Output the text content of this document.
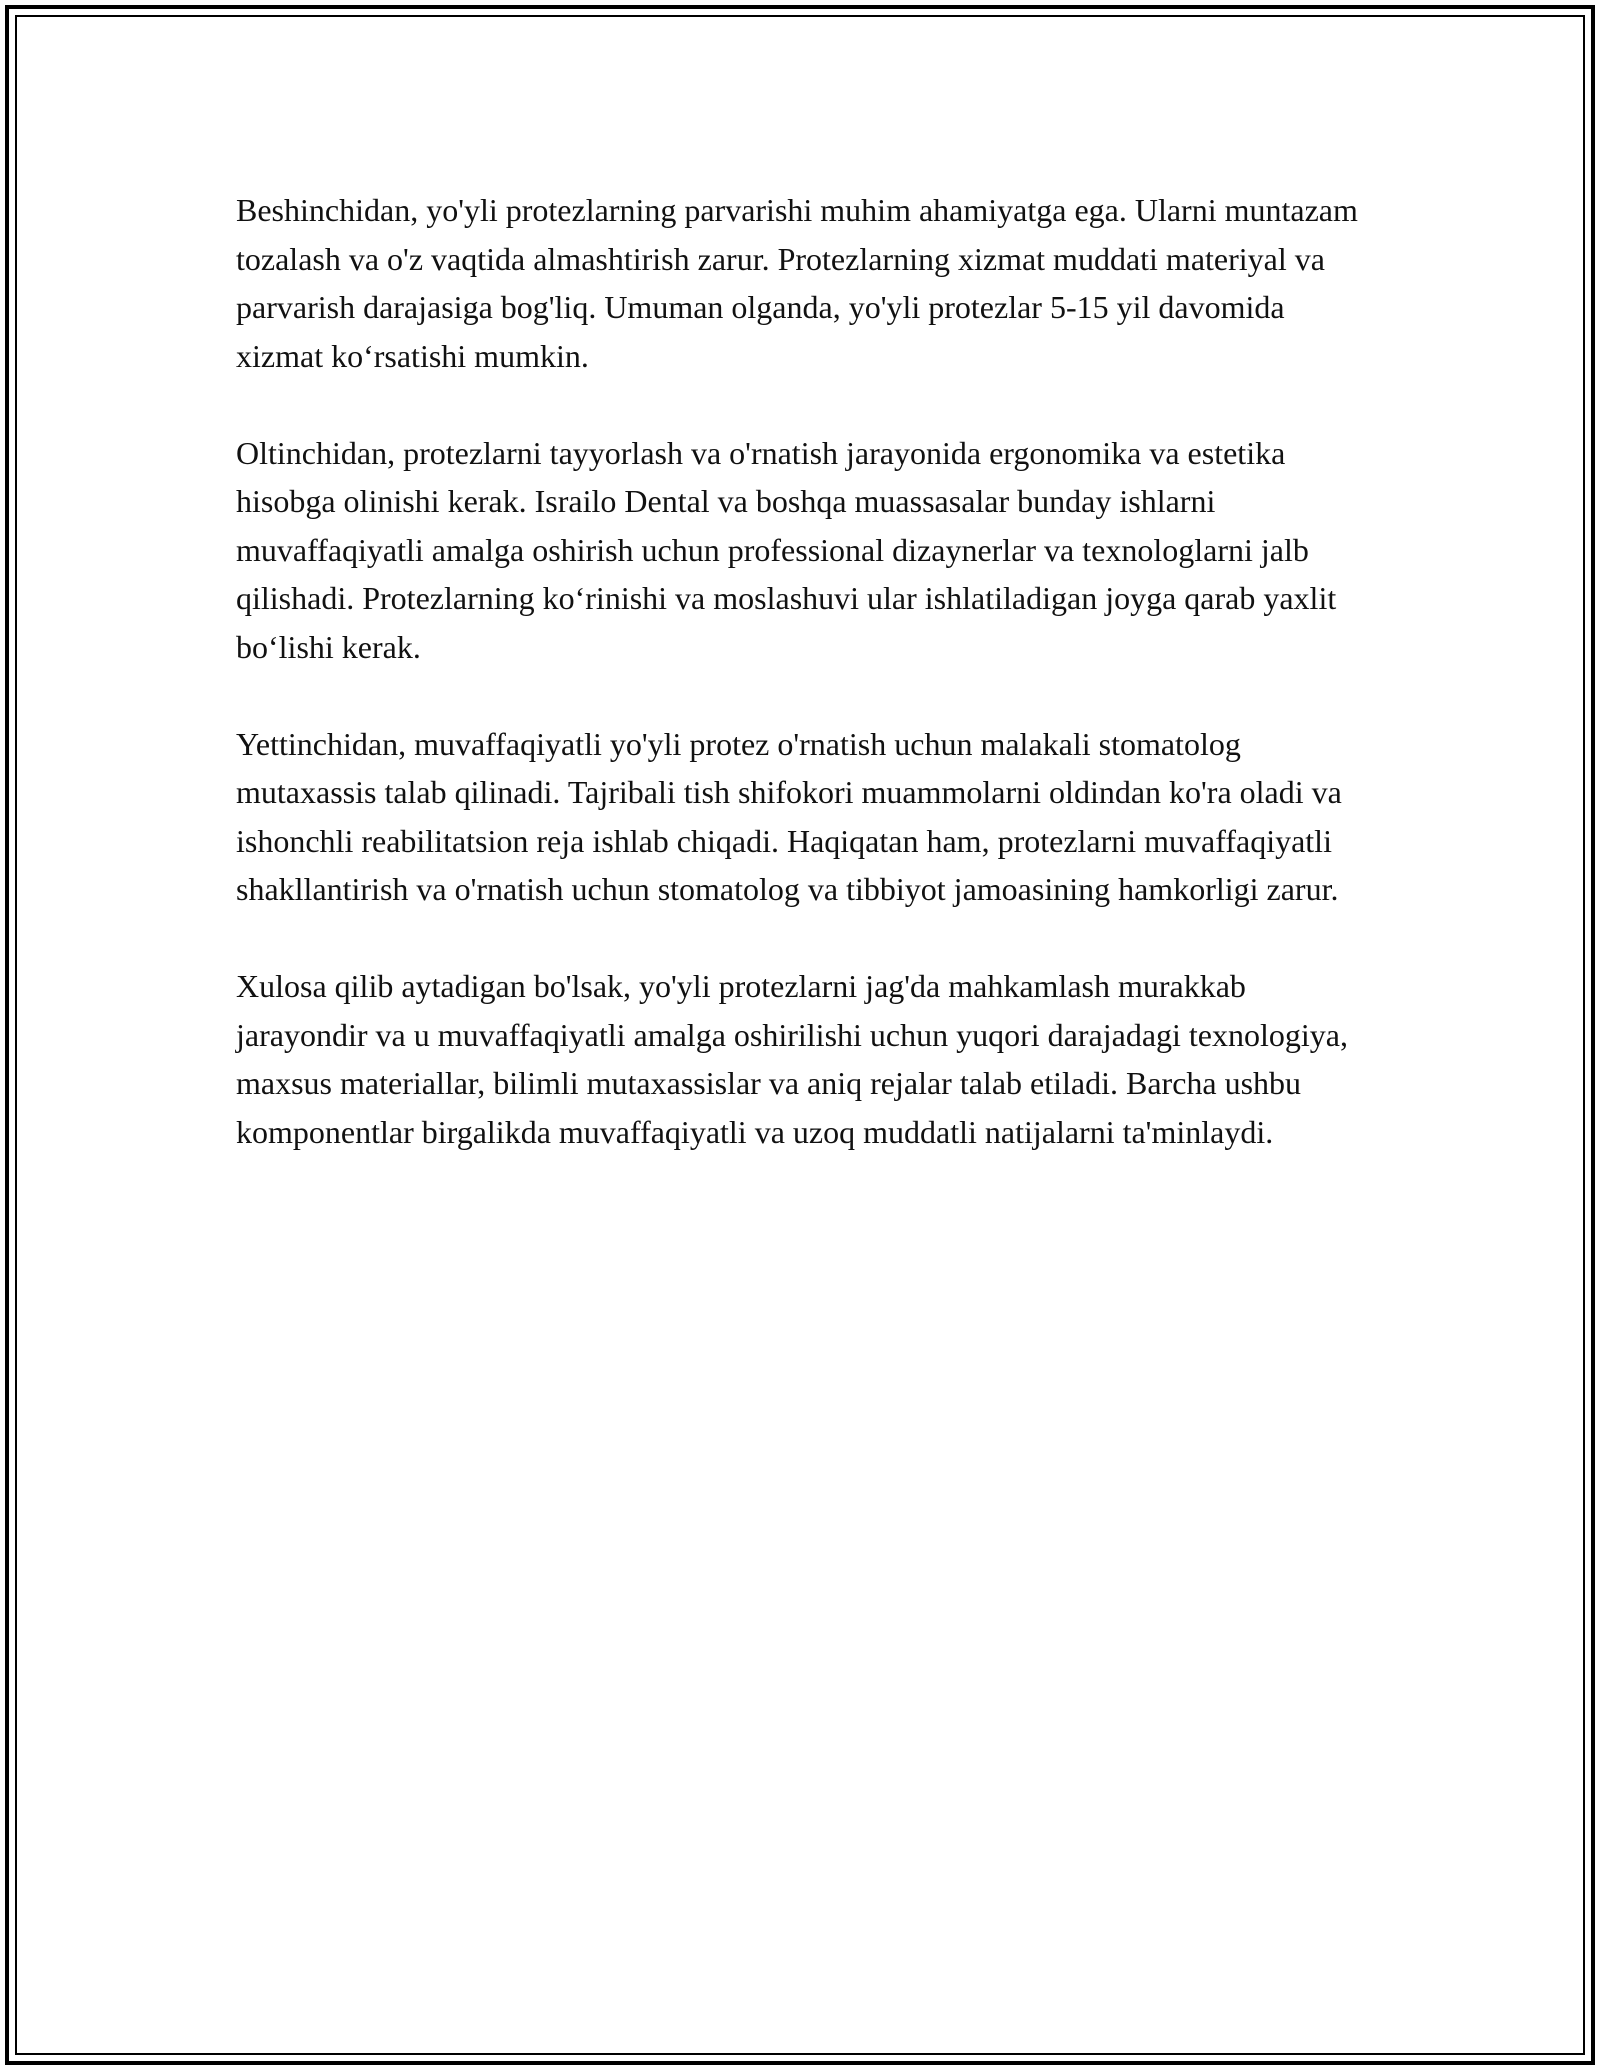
Beshinchidan, yo'yli protezlarning parvarishi muhim ahamiyatga ega. Ularni muntazam tozalash va o'z vaqtida almashtirish zarur. Protezlarning xizmat muddati materiyal va parvarish darajasiga bog'liq. Umuman olganda, yo'yli protezlar 5-15 yil davomida xizmat koʻrsatishi mumkin.

Oltinchidan, protezlarni tayyorlash va o'rnatish jarayonida ergonomika va estetika hisobga olinishi kerak. Israilo Dental va boshqa muassasalar bunday ishlarni muvaffaqiyatli amalga oshirish uchun professional dizaynerlar va texnologlarni jalb qilishadi. Protezlarning koʻrinishi va moslashuvi ular ishlatiladigan joyga qarab yaxlit boʻlishi kerak.

Yettinchidan, muvaffaqiyatli yo'yli protez o'rnatish uchun malakali stomatolog mutaxassis talab qilinadi. Tajribali tish shifokori muammolarni oldindan ko'ra oladi va ishonchli reabilitatsion reja ishlab chiqadi. Haqiqatan ham, protezlarni muvaffaqiyatli shakllantirish va o'rnatish uchun stomatolog va tibbiyot jamoasining hamkorligi zarur.

Xulosa qilib aytadigan bo'lsak, yo'yli protezlarni jag'da mahkamlash murakkab jarayondir va u muvaffaqiyatli amalga oshirilishi uchun yuqori darajadagi texnologiya, maxsus materiallar, bilimli mutaxassislar va aniq rejalar talab etiladi. Barcha ushbu komponentlar birgalikda muvaffaqiyatli va uzoq muddatli natijalarni ta'minlaydi.
